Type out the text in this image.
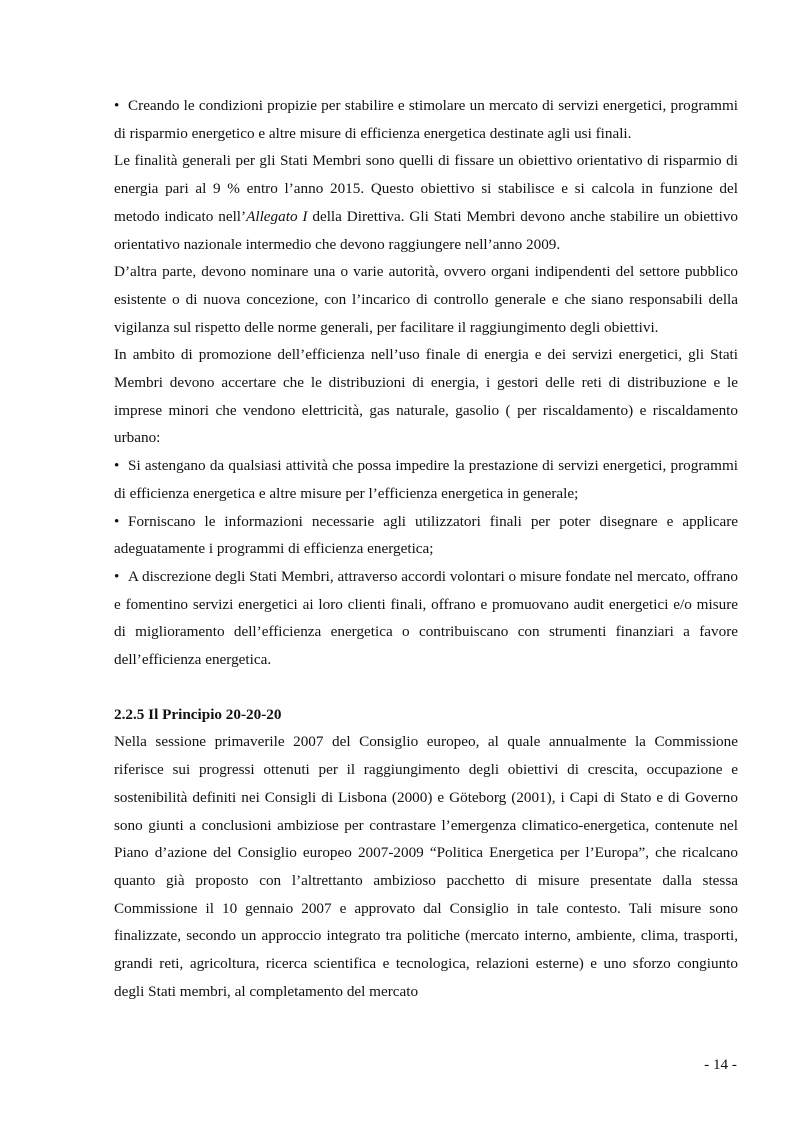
• Creando le condizioni propizie per stabilire e stimolare un mercato di servizi energetici, programmi di risparmio energetico e altre misure di efficienza energetica destinate agli usi finali.

Le finalità generali per gli Stati Membri sono quelli di fissare un obiettivo orientativo di risparmio di energia pari al 9 % entro l’anno 2015. Questo obiettivo si stabilisce e si calcola in funzione del metodo indicato nell’Allegato I della Direttiva. Gli Stati Membri devono anche stabilire un obiettivo orientativo nazionale intermedio che devono raggiungere nell’anno 2009.

D’altra parte, devono nominare una o varie autorità, ovvero organi indipendenti del settore pubblico esistente o di nuova concezione, con l’incarico di controllo generale e che siano responsabili della vigilanza sul rispetto delle norme generali, per facilitare il raggiungimento degli obiettivi.

In ambito di promozione dell’efficienza nell’uso finale di energia e dei servizi energetici, gli Stati Membri devono accertare che le distribuzioni di energia, i gestori delle reti di distribuzione e le imprese minori che vendono elettricità, gas naturale, gasolio ( per riscaldamento) e riscaldamento urbano:

• Si astengano da qualsiasi attività che possa impedire la prestazione di servizi energetici, programmi di efficienza energetica e altre misure per l’efficienza energetica in generale;

• Forniscano le informazioni necessarie agli utilizzatori finali per poter disegnare e applicare adeguatamente i programmi di efficienza energetica;

• A discrezione degli Stati Membri, attraverso accordi volontari o misure fondate nel mercato, offrano e fomentino servizi energetici ai loro clienti finali, offrano e promuovano audit energetici e/o misure di miglioramento dell’efficienza energetica o contribuiscano con strumenti finanziari a favore dell’efficienza energetica.

2.2.5 Il Principio 20-20-20

Nella sessione primaverile 2007 del Consiglio europeo, al quale annualmente la Commissione riferisce sui progressi ottenuti per il raggiungimento degli obiettivi di crescita, occupazione e sostenibilità definiti nei Consigli di Lisbona (2000) e Göteborg (2001), i Capi di Stato e di Governo sono giunti a conclusioni ambiziose per contrastare l’emergenza climatico-energetica, contenute nel Piano d’azione del Consiglio europeo 2007-2009 “Politica Energetica per l’Europa”, che ricalcano quanto già proposto con l’altrettanto ambizioso pacchetto di misure presentate dalla stessa Commissione il 10 gennaio 2007 e approvato dal Consiglio in tale contesto. Tali misure sono finalizzate, secondo un approccio integrato tra politiche (mercato interno, ambiente, clima, trasporti, grandi reti, agricoltura, ricerca scientifica e tecnologica, relazioni esterne) e uno sforzo congiunto degli Stati membri, al completamento del mercato

- 14 -
